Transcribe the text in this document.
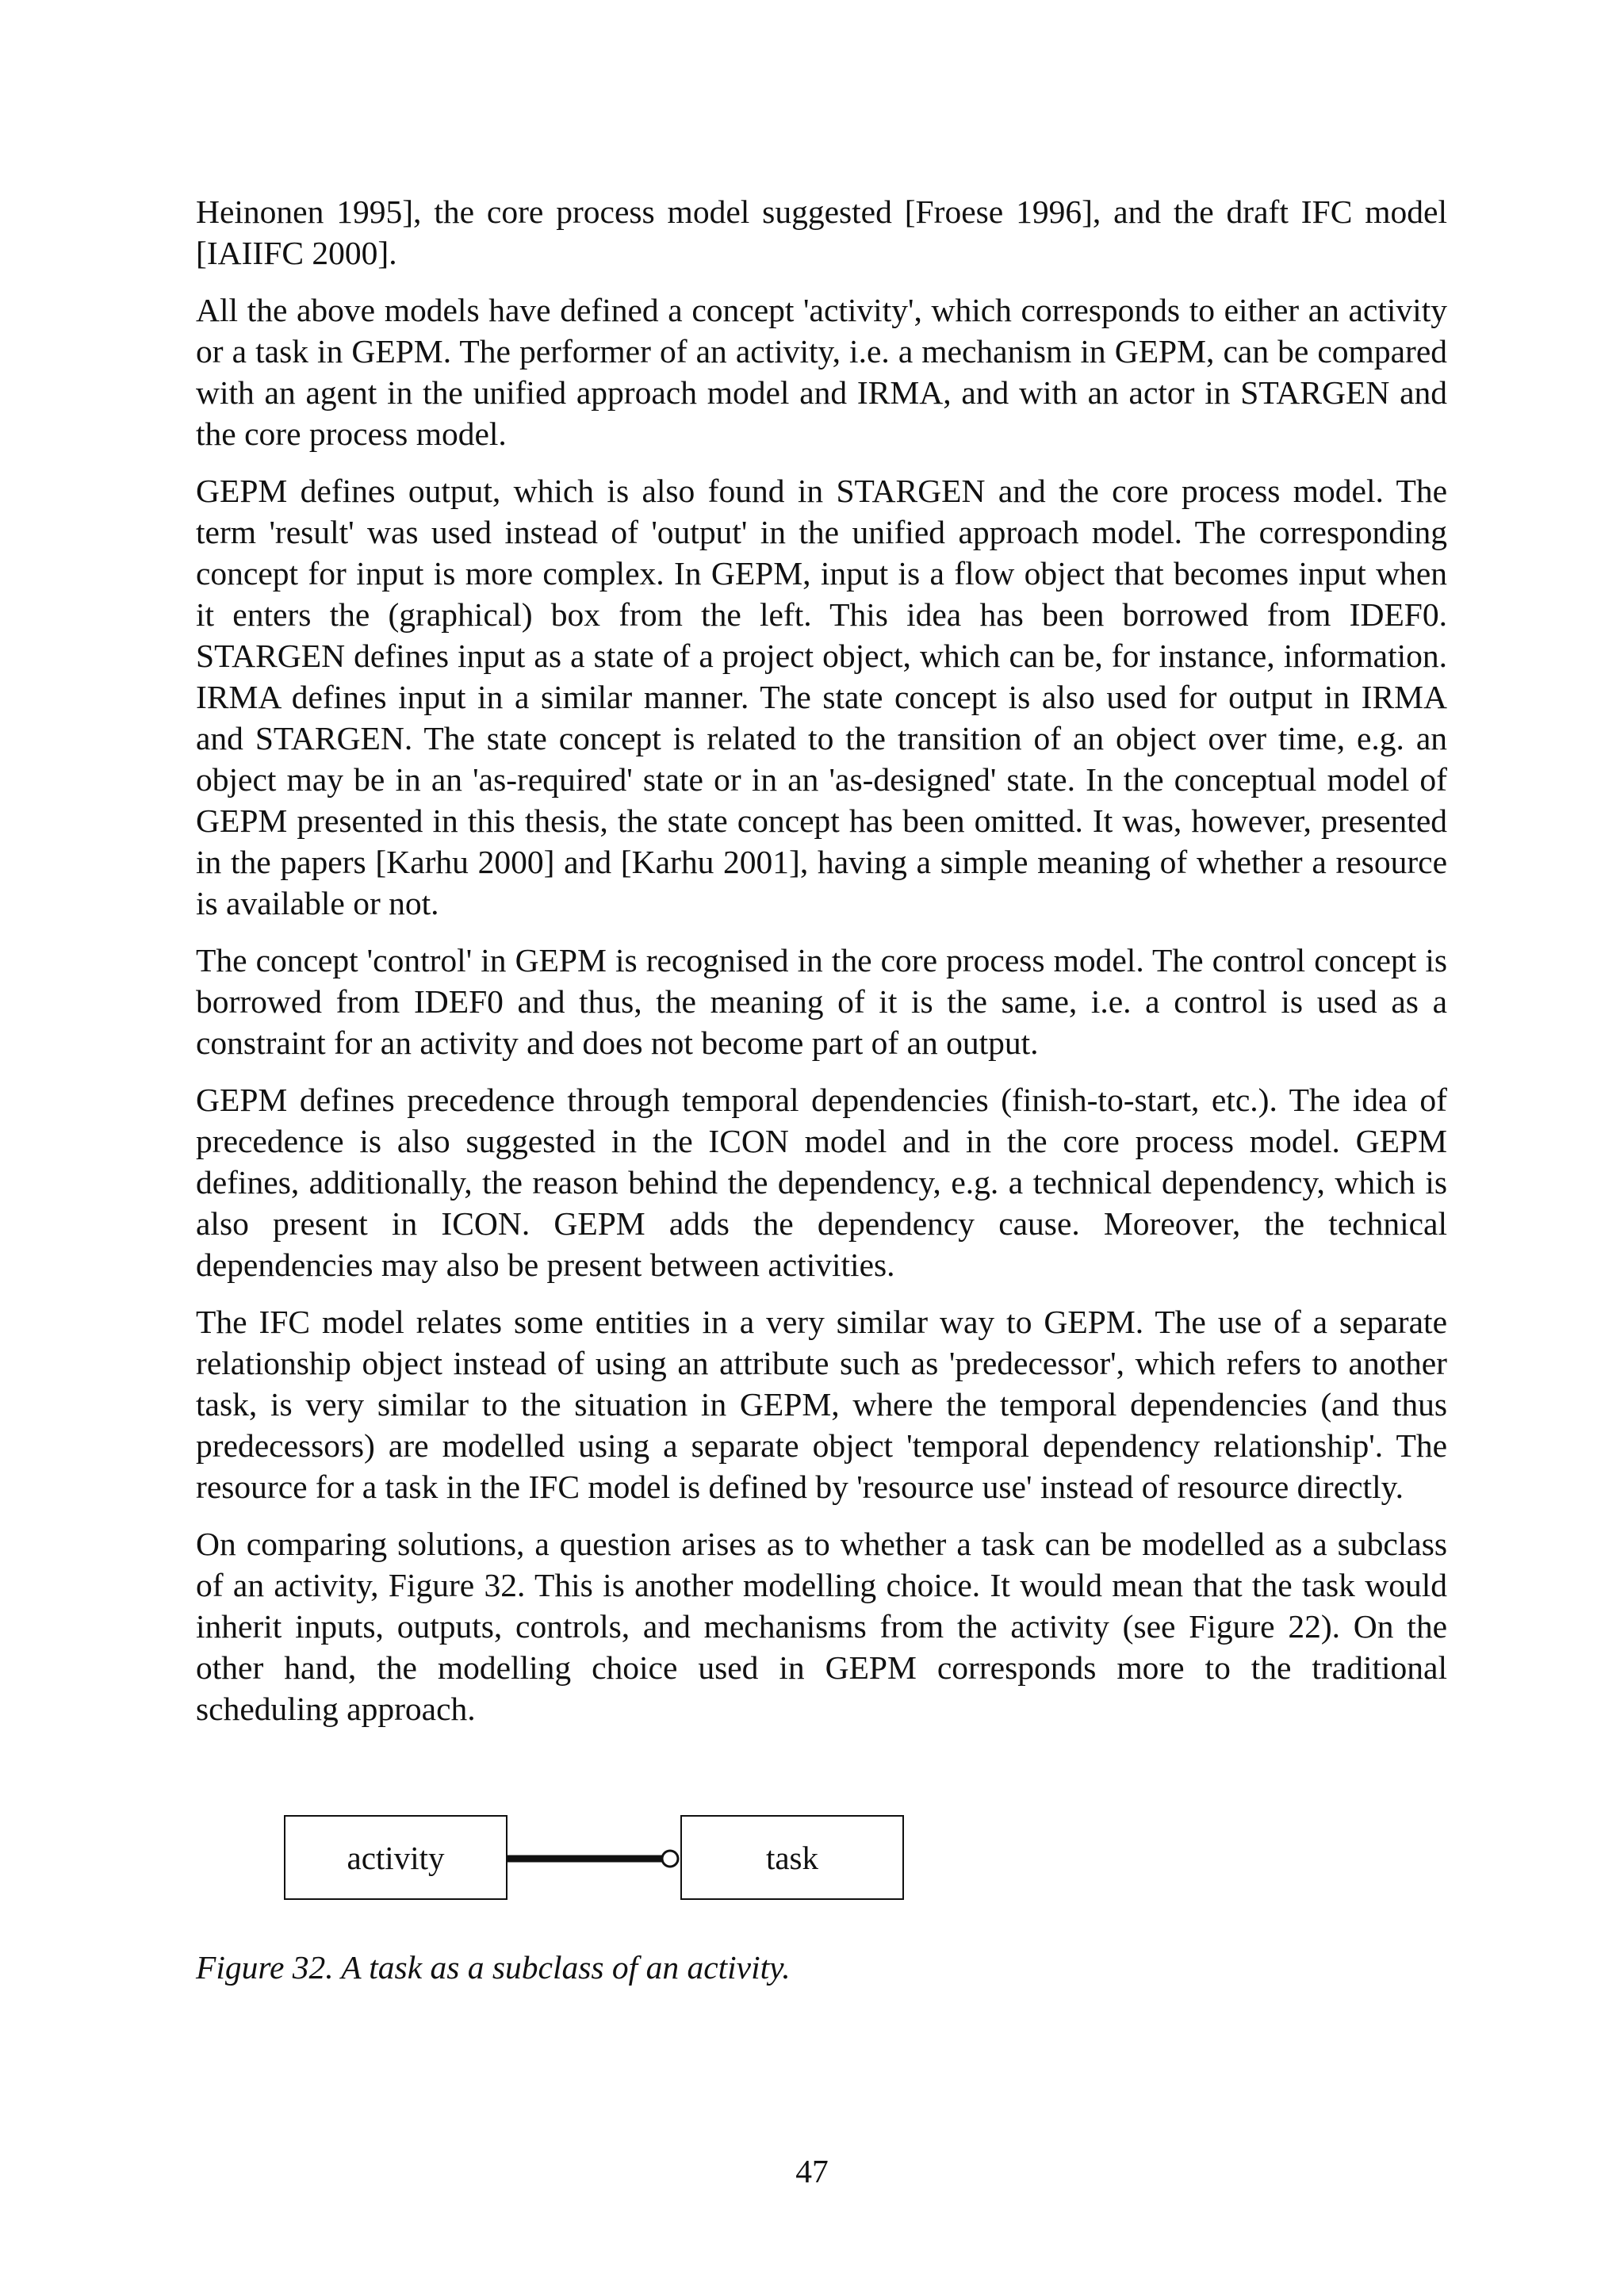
Heinonen 1995], the core process model suggested [Froese 1996], and the draft IFC model [IAIIFC 2000].

All the above models have defined a concept 'activity', which corresponds to either an activity or a task in GEPM. The performer of an activity, i.e. a mechanism in GEPM, can be compared with an agent in the unified approach model and IRMA, and with an actor in STARGEN and the core process model.

GEPM defines output, which is also found in STARGEN and the core process model. The term 'result' was used instead of 'output' in the unified approach model. The corresponding concept for input is more complex. In GEPM, input is a flow object that becomes input when it enters the (graphical) box from the left. This idea has been borrowed from IDEF0. STARGEN defines input as a state of a project object, which can be, for instance, information. IRMA defines input in a similar manner. The state concept is also used for output in IRMA and STARGEN. The state concept is related to the transition of an object over time, e.g. an object may be in an 'as-required' state or in an 'as-designed' state. In the conceptual model of GEPM presented in this thesis, the state concept has been omitted. It was, however, presented in the papers [Karhu 2000] and [Karhu 2001], having a simple meaning of whether a resource is available or not.

The concept 'control' in GEPM is recognised in the core process model. The control concept is borrowed from IDEF0 and thus, the meaning of it is the same, i.e. a control is used as a constraint for an activity and does not become part of an output.

GEPM defines precedence through temporal dependencies (finish-to-start, etc.). The idea of precedence is also suggested in the ICON model and in the core process model. GEPM defines, additionally, the reason behind the dependency, e.g. a technical dependency, which is also present in ICON. GEPM adds the dependency cause. Moreover, the technical dependencies may also be present between activities.

The IFC model relates some entities in a very similar way to GEPM. The use of a separate relationship object instead of using an attribute such as 'predecessor', which refers to another task, is very similar to the situation in GEPM, where the temporal dependencies (and thus predecessors) are modelled using a separate object 'temporal dependency relationship'. The resource for a task in the IFC model is defined by 'resource use' instead of resource directly.

On comparing solutions, a question arises as to whether a task can be modelled as a subclass of an activity, Figure 32. This is another modelling choice. It would mean that the task would inherit inputs, outputs, controls, and mechanisms from the activity (see Figure 22). On the other hand, the modelling choice used in GEPM corresponds more to the traditional scheduling approach.

activity	task
Figure 32. A task as a subclass of an activity.
47
